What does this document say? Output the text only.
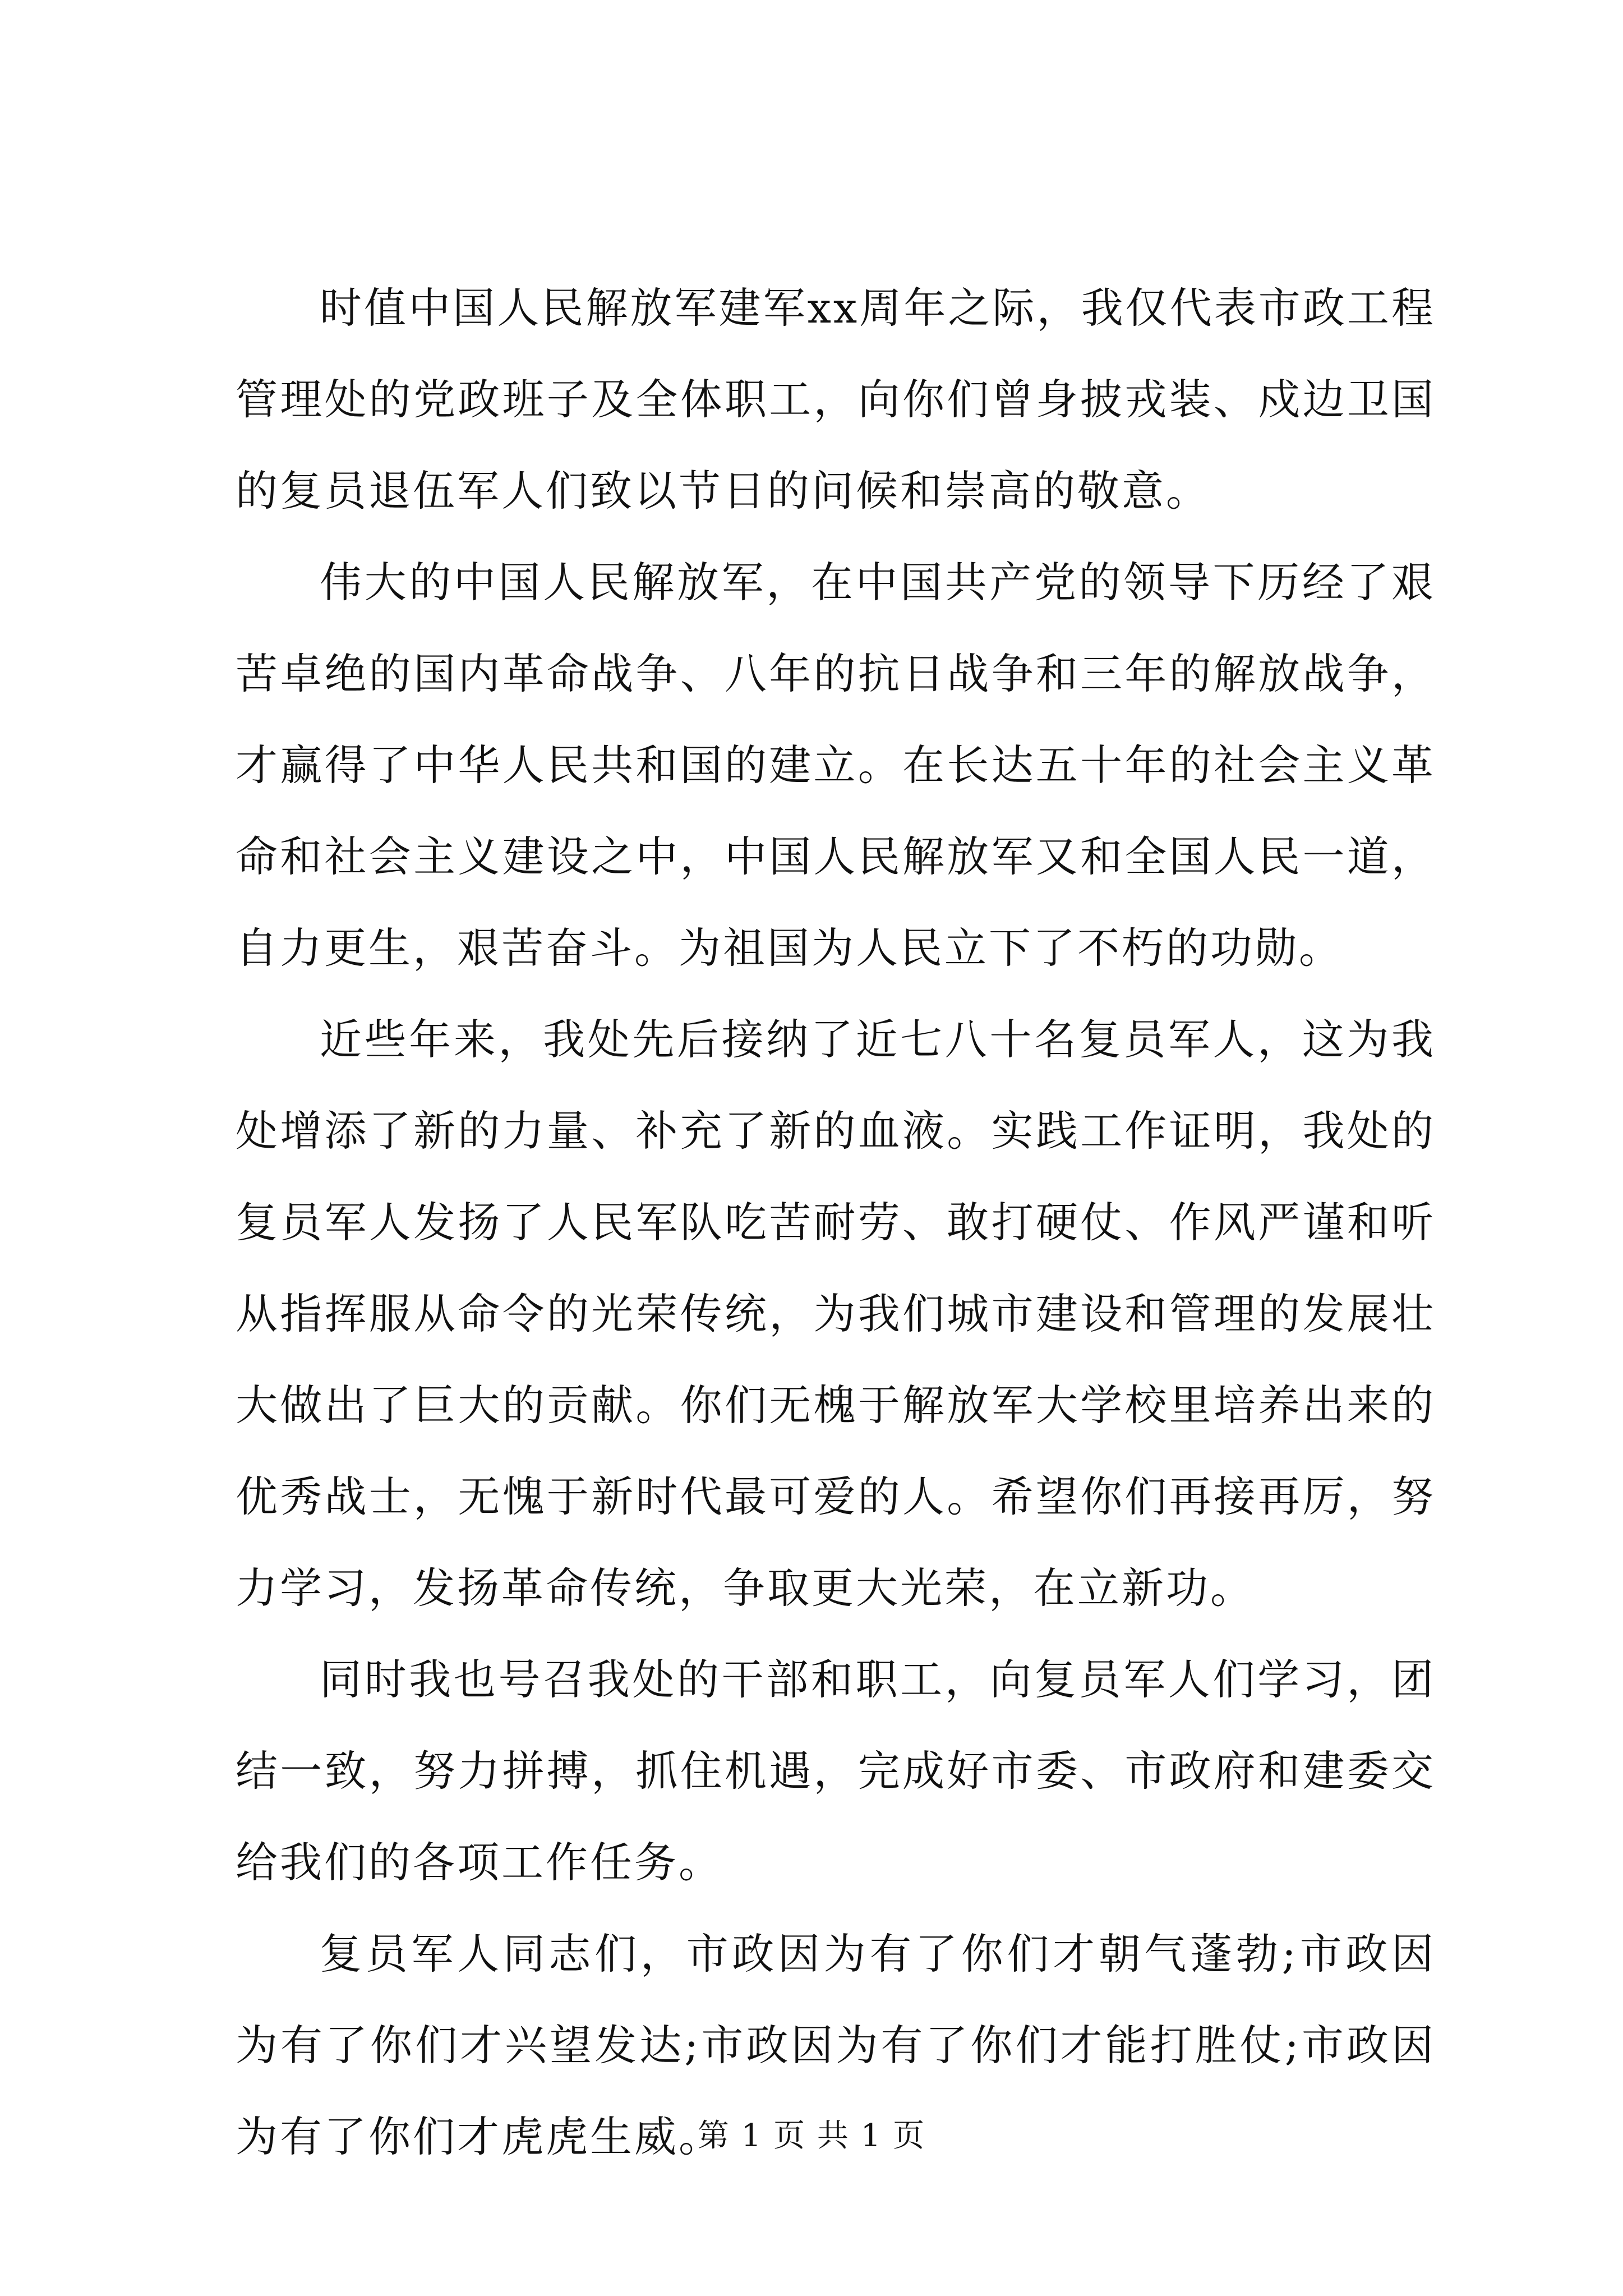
时值中国人民解放军建军xx周年之际，我仅代表市政工程管理处的党政班子及全体职工，向你们曾身披戎装、戍边卫国的复员退伍军人们致以节日的问候和崇高的敬意。

伟大的中国人民解放军，在中国共产党的领导下历经了艰苦卓绝的国内革命战争、八年的抗日战争和三年的解放战争，才赢得了中华人民共和国的建立。在长达五十年的社会主义革命和社会主义建设之中，中国人民解放军又和全国人民一道，自力更生，艰苦奋斗。为祖国为人民立下了不朽的功勋。

近些年来，我处先后接纳了近七八十名复员军人，这为我处增添了新的力量、补充了新的血液。实践工作证明，我处的复员军人发扬了人民军队吃苦耐劳、敢打硬仗、作风严谨和听从指挥服从命令的光荣传统，为我们城市建设和管理的发展壮大做出了巨大的贡献。你们无槐于解放军大学校里培养出来的优秀战士，无愧于新时代最可爱的人。希望你们再接再厉，努力学习，发扬革命传统，争取更大光荣，在立新功。

同时我也号召我处的干部和职工，向复员军人们学习，团结一致，努力拼搏，抓住机遇，完成好市委、市政府和建委交给我们的各项工作任务。

复员军人同志们，市政因为有了你们才朝气蓬勃;市政因为有了你们才兴望发达;市政因为有了你们才能打胜仗;市政因为有了你们才虎虎生威。

第 1 页 共 1 页
